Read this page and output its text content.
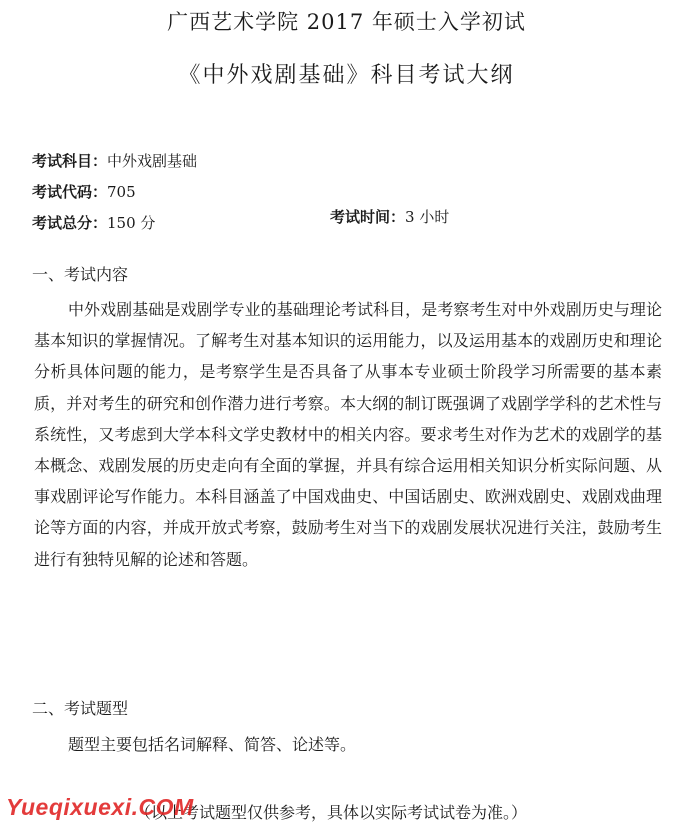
广西艺术学院 2017 年硕士入学初试
《中外戏剧基础》科目考试大纲
考试科目：中外戏剧基础
考试代码：705
考试总分：150 分	考试时间：3 小时
一、考试内容

中外戏剧基础是戏剧学专业的基础理论考试科目，是考察考生对中外戏剧历史与理论基本知识的掌握情况。了解考生对基本知识的运用能力，以及运用基本的戏剧历史和理论分析具体问题的能力，是考察学生是否具备了从事本专业硕士阶段学习所需要的基本素质，并对考生的研究和创作潜力进行考察。本大纲的制订既强调了戏剧学学科的艺术性与系统性，又考虑到大学本科文学史教材中的相关内容。要求考生对作为艺术的戏剧学的基本概念、戏剧发展的历史走向有全面的掌握，并具有综合运用相关知识分析实际问题、从事戏剧评论写作能力。本科目涵盖了中国戏曲史、中国话剧史、欧洲戏剧史、戏剧戏曲理论等方面的内容，并成开放式考察，鼓励考生对当下的戏剧发展状况进行关注，鼓励考生进行有独特见解的论述和答题。

二、考试题型

题型主要包括名词解释、简答、论述等。

（以上考试题型仅供参考，具体以实际考试试卷为准。）
Yueqixuexi.COM
